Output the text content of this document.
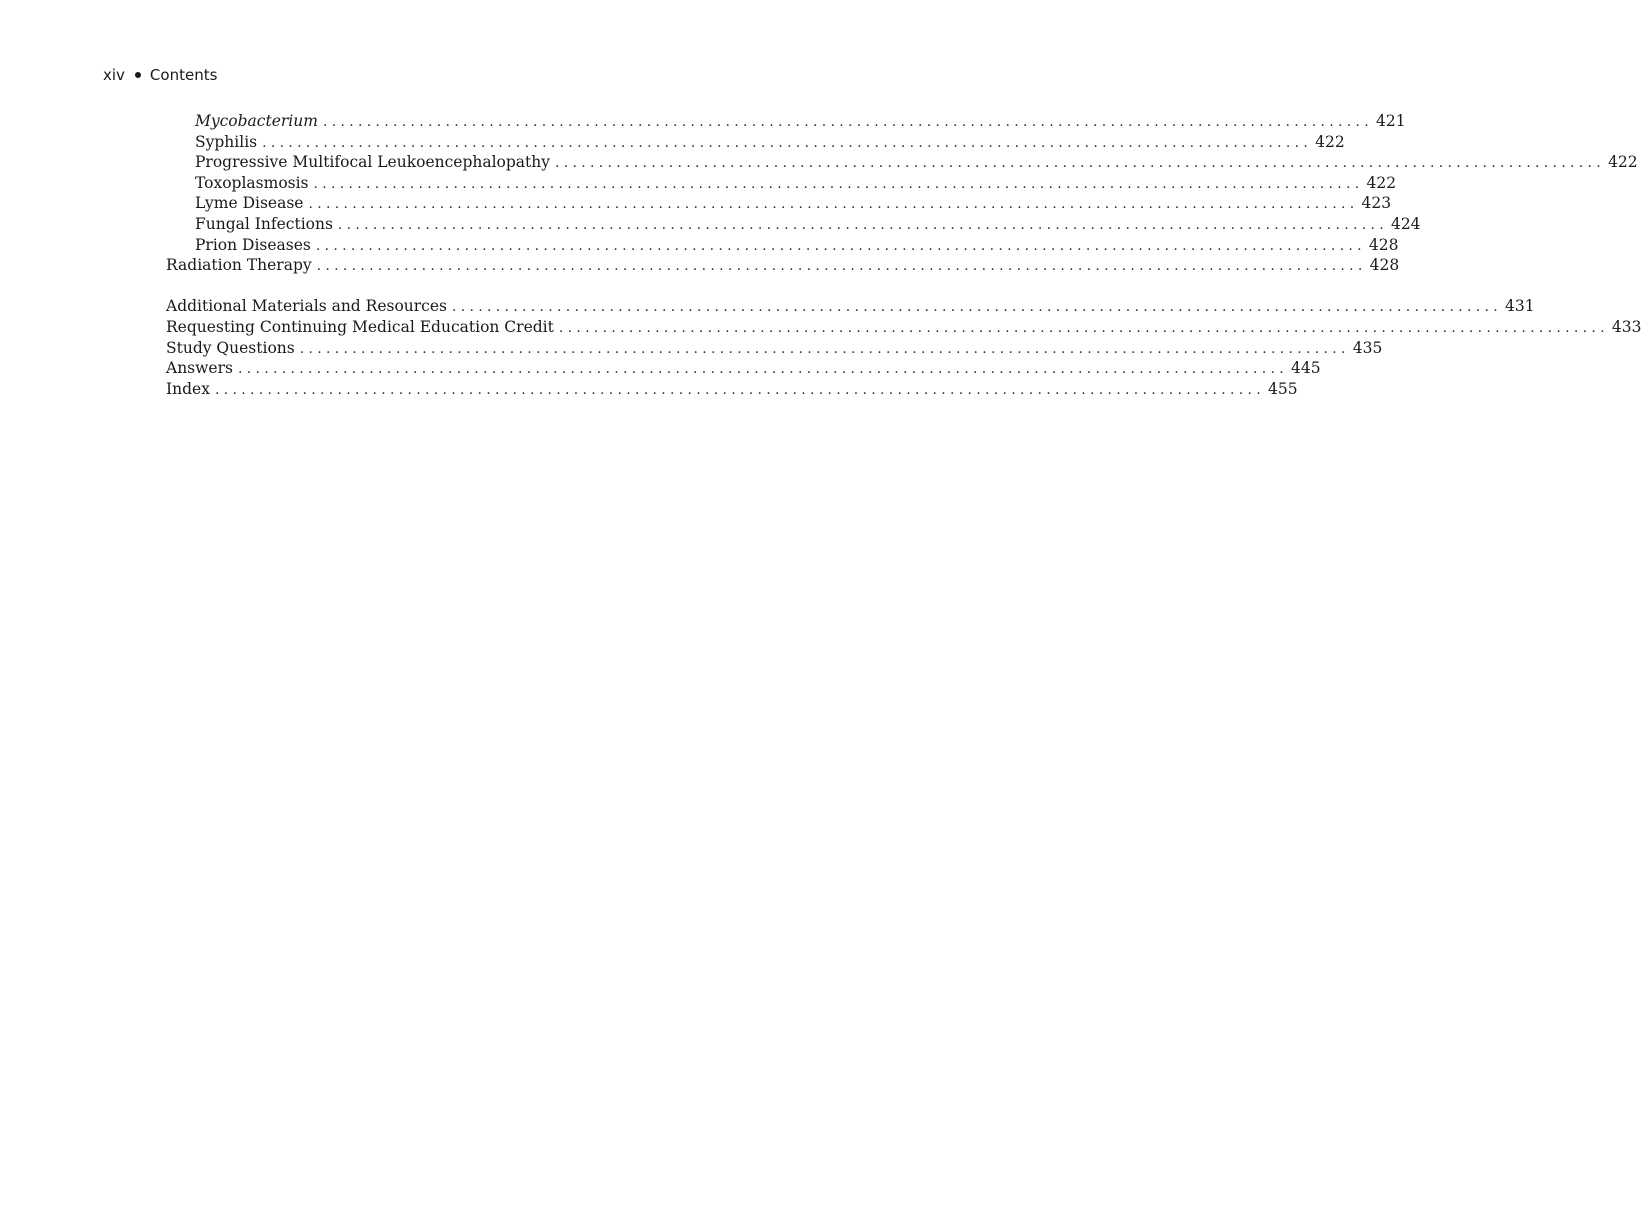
xiv Contents
Mycobacterium ........................................................................................................................ 421
Syphilis ........................................................................................................................ 422
Progressive Multifocal Leukoencephalopathy ........................................................................................................................ 422
Toxoplasmosis ........................................................................................................................ 422
Lyme Disease ........................................................................................................................ 423
Fungal Infections ........................................................................................................................ 424
Prion Diseases ........................................................................................................................ 428
Radiation Therapy ........................................................................................................................ 428
Additional Materials and Resources ........................................................................................................................ 431
Requesting Continuing Medical Education Credit ........................................................................................................................ 433
Study Questions ........................................................................................................................ 435
Answers ........................................................................................................................ 445
Index ........................................................................................................................ 455
